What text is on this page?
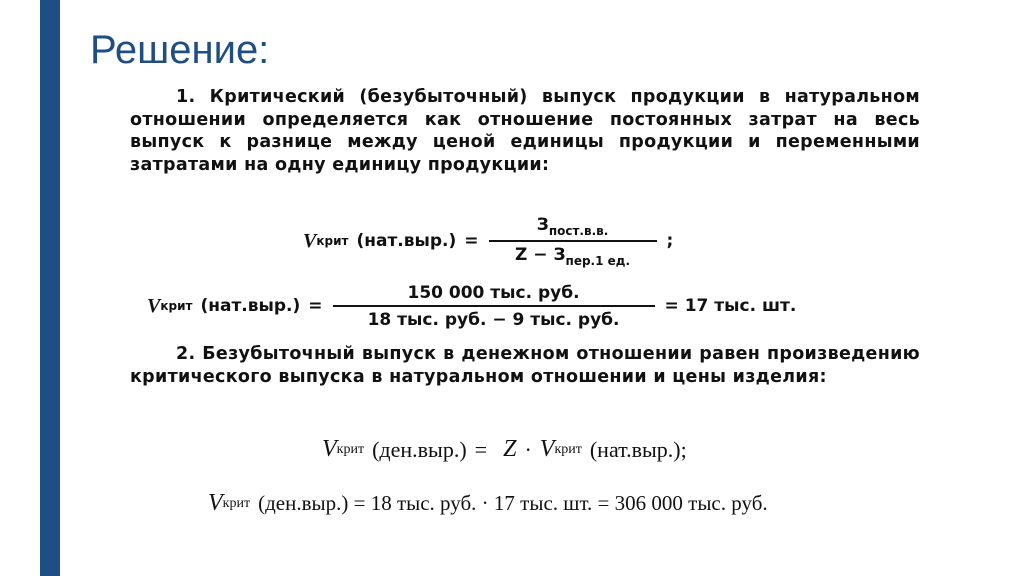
Решение:
1. Критический (безубыточный) выпуск продукции в натуральном отношении определяется как отношение постоянных затрат на весь выпуск к разнице между ценой единицы продукции и переменными затратами на одну единицу продукции:
V крит $(нат.выр.) = \frac{З_{пост.в.в.}}{Z - З_{пер.1 ед.}}$ ;
V крит $(нат.выр.) = \frac{\text{150 000 тыс. руб.}}{\text{18 тыс. руб. − 9 тыс. руб.}} = 17$ тыс. шт.
2. Безубыточный выпуск в денежном отношении равен произведению критического выпуска в натуральном отношении и цены изделия:
V крит (ден.выр.) = Z · V крит (нат.выр.);
V крит (ден.выр.) = 18 тыс. руб. · 17 тыс. шт. = 306 000 тыс. руб.
